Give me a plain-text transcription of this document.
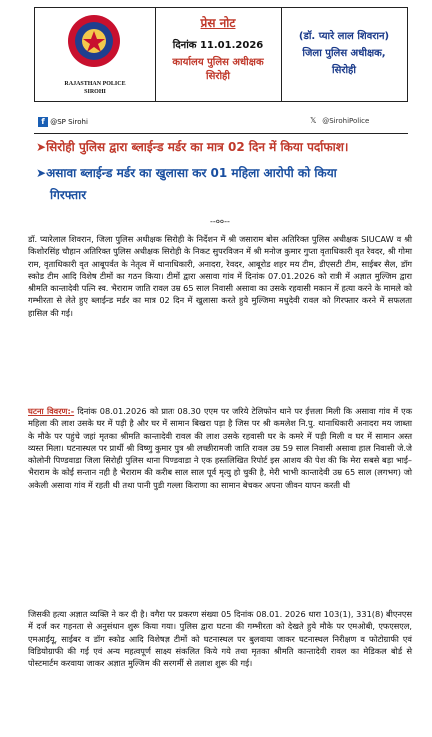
RAJASTHAN POLICE
SIROHI
प्रेस नोट
दिनांक 11.01.2026
कार्यालय पुलिस अधीक्षक
सिरोही
(डॉ. प्यारे लाल शिवरान)
जिला पुलिस अधीक्षक,
सिरोही
f @SP Sirohi	𝕏 @SirohiPolice
➤सिरोही पुलिस द्वारा ब्लाईन्ड मर्डर का मात्र 02 दिन में किया पर्दाफाश।
➤असावा ब्लाईन्ड मर्डर का खुलासा कर 01 महिला आरोपी को किया
गिरफ्तार
--००--
डॉ. प्यारेलाल शिवरान, जिला पुलिस अधीक्षक सिरोही के निर्देशन में श्री जसाराम बोस अतिरिक्त पुलिस अधीक्षक SIUCAW व श्री किशोरसिंह चौहान अतिरिक्त पुलिस अधीक्षक सिरोही के निकट सुपरविजन में श्री मनोज कुमार गुप्ता वृताधिकारी वृत रेवदर, श्री गोमा राम, वृताधिकारी वृत आबूपर्वत के नेतृत्व में थानाधिकारी, अनादरा, रेवदर, आबूरोड शहर मय टीम, डीएसटी टीम, साईबर सैल, डॉग स्कोड टीम आदि विशेष टीमों का गठन किया। टीमों द्वारा असावा गांव में दिनांक 07.01.2026 को रात्री में अज्ञात मुल्जिम द्वारा श्रीमति कान्तादेवी पत्नि स्व. भैराराम जाति रावल उम्र 65 साल निवासी असावा का उसके रहवासी मकान में हत्या करने के मामले को गम्भीरता से लेते हुए ब्लाईन्ड मर्डर का मात्र 02 दिन में खुलासा करते हुये मुल्जिमा मधुदेवी रावल को गिरफ्तार करने में सफलता हासिल की गई।
घटना विवरण:- दिनांक 08.01.2026 को प्रातः 08.30 एएम पर जरिये टेलिफोन थाने पर ईत्तला मिली कि असावा गांव में एक महिला की लाश उसके घर में पड़ी है और घर में सामान बिखरा पड़ा है जिस पर श्री कमलेश नि.पु. थानाधिकारी अनादरा मय जाब्ता के मौके पर पहुंचे जहां मृतका श्रीमति कान्तादेवी रावल की लाश उसके रहवासी घर के कमरे में पड़ी मिली व घर में सामान अस्त व्यस्त मिला। घटनास्थल पर प्रार्थी श्री विष्णु कुमार पुत्र श्री लच्छीरामजी जाति रावल उम्र 59 साल निवासी असावा हाल निवासी जे.जे कोलोनी पिण्डवाडा जिला सिरोही पुलिस थाना पिण्डवाडा ने एक हस्तलिखित रिपोर्ट इस आशय की पेश की कि मेरा सबसे बड़ा भाई–भैराराम के कोई सन्तान नही है भैराराम की करीब साल साल पूर्व मृत्यु हो चुकी है, मेरी भाभी कान्तादेवी उम्र 65 साल (लगभग) जो अकेली असावा गांव में रहती थी तथा पानी पुडी गल्ला किराणा का सामान बेचकर अपना जीवन यापन करती थी
जिसकी हत्या अज्ञात व्यक्ति ने कर दी है। वगैरा पर प्रकरण संख्या 05 दिनांक 08.01. 2026 धारा 103(1), 331(8) बीएनएस में दर्ज कर गहनता से अनुसंधान शुरू किया गया। पुलिस द्वारा घटना की गम्भीरता को देखते हुये मौके पर एमओबी, एफएसएल, एमआईयू, साईबर व डॉग स्कोड आदि विशेषज्ञ टीमों को घटनास्थल पर बुलवाया जाकर घटनास्थल निरीक्षण व फोटोग्राफी एवं विडियोग्राफी की गई एवं अन्य महत्वपूर्ण साक्ष्य संकलित किये गये तथा मृतका श्रीमति कान्तादेवी रावल का मेडिकल बोर्ड से पोस्टमार्टम करवाया जाकर अज्ञात मुल्जिम की सरगर्मी से तलाश शुरू की गई।
